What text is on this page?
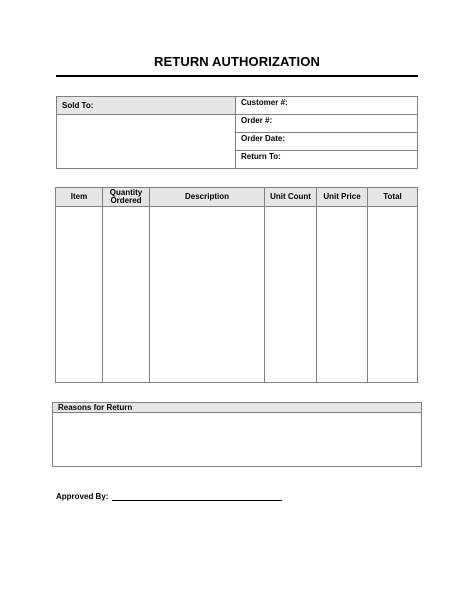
RETURN AUTHORIZATION
Sold To:	Customer #:
Order #:
Order Date:
Return To:
Item	Quantity Ordered	Description	Unit Count	Unit Price	Total
Reasons for Return
Approved By:
